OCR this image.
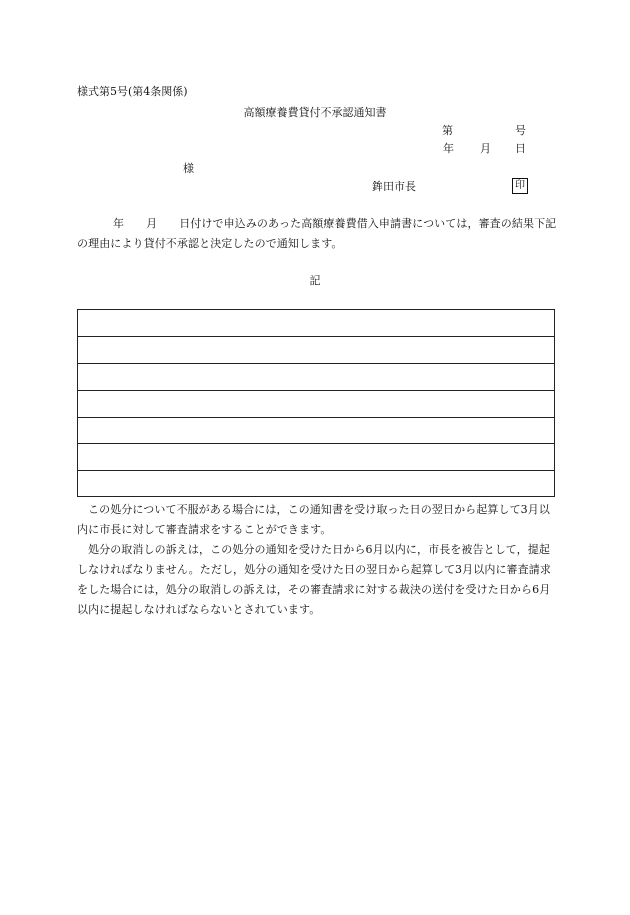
様式第5号(第4条関係)
高額療養費貸付不承認通知書
第	号
年 月 日
様
鉾田市長	印
年 月 日付けで申込みのあった高額療養費借入申請書については，審査の結果下記の理由により貸付不承認と決定したので通知します。
記
この処分について不服がある場合には，この通知書を受け取った日の翌日から起算して3月以内に市長に対して審査請求をすることができます。
処分の取消しの訴えは，この処分の通知を受けた日から6月以内に，市長を被告として，提起しなければなりません。ただし，処分の通知を受けた日の翌日から起算して3月以内に審査請求をした場合には，処分の取消しの訴えは，その審査請求に対する裁決の送付を受けた日から6月以内に提起しなければならないとされています。
